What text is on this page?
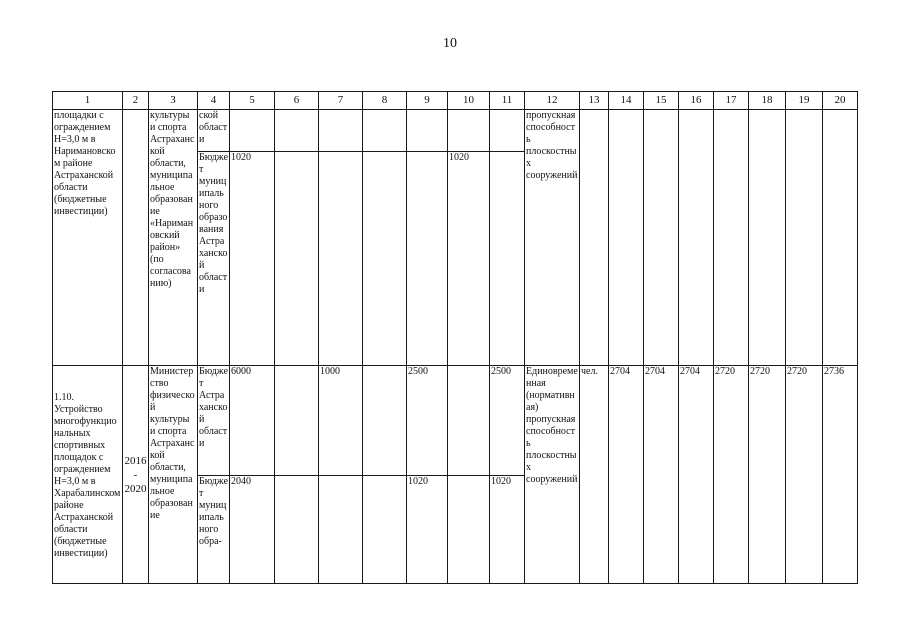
10
1	2	3	4	5	6	7	8	9	10	11	12	13	14	15	16	17	18	19	20
площадки с ограждением Н=3,0 м в Наримановском районе Астраханской области (бюджетные инвестиции)		культуры и спорта Астраханской области, муниципальное образование «Наримановский район» (по согласованию)	ской области								пропускная способность плоскостных сооружений								
			Бюджет муниципального образования Астраханской области	1020					1020										
1.10. Устройство многофункциональных спортивных площадок с ограждением Н=3,0 м в Харабалинском районе Астраханской области (бюджетные инвестиции)	2016 - 2020	Министерство физической культуры и спорта Астраханской области, муниципальное образование	Бюджет Астраханской области	6000		1000		2500		2500	Единовременная (нормативная) пропускная способность плоскостных сооружений	чел.	2704	2704	2704	2720	2720	2720	2736
			Бюджет муниципального обра-	2040				1020		1020									
